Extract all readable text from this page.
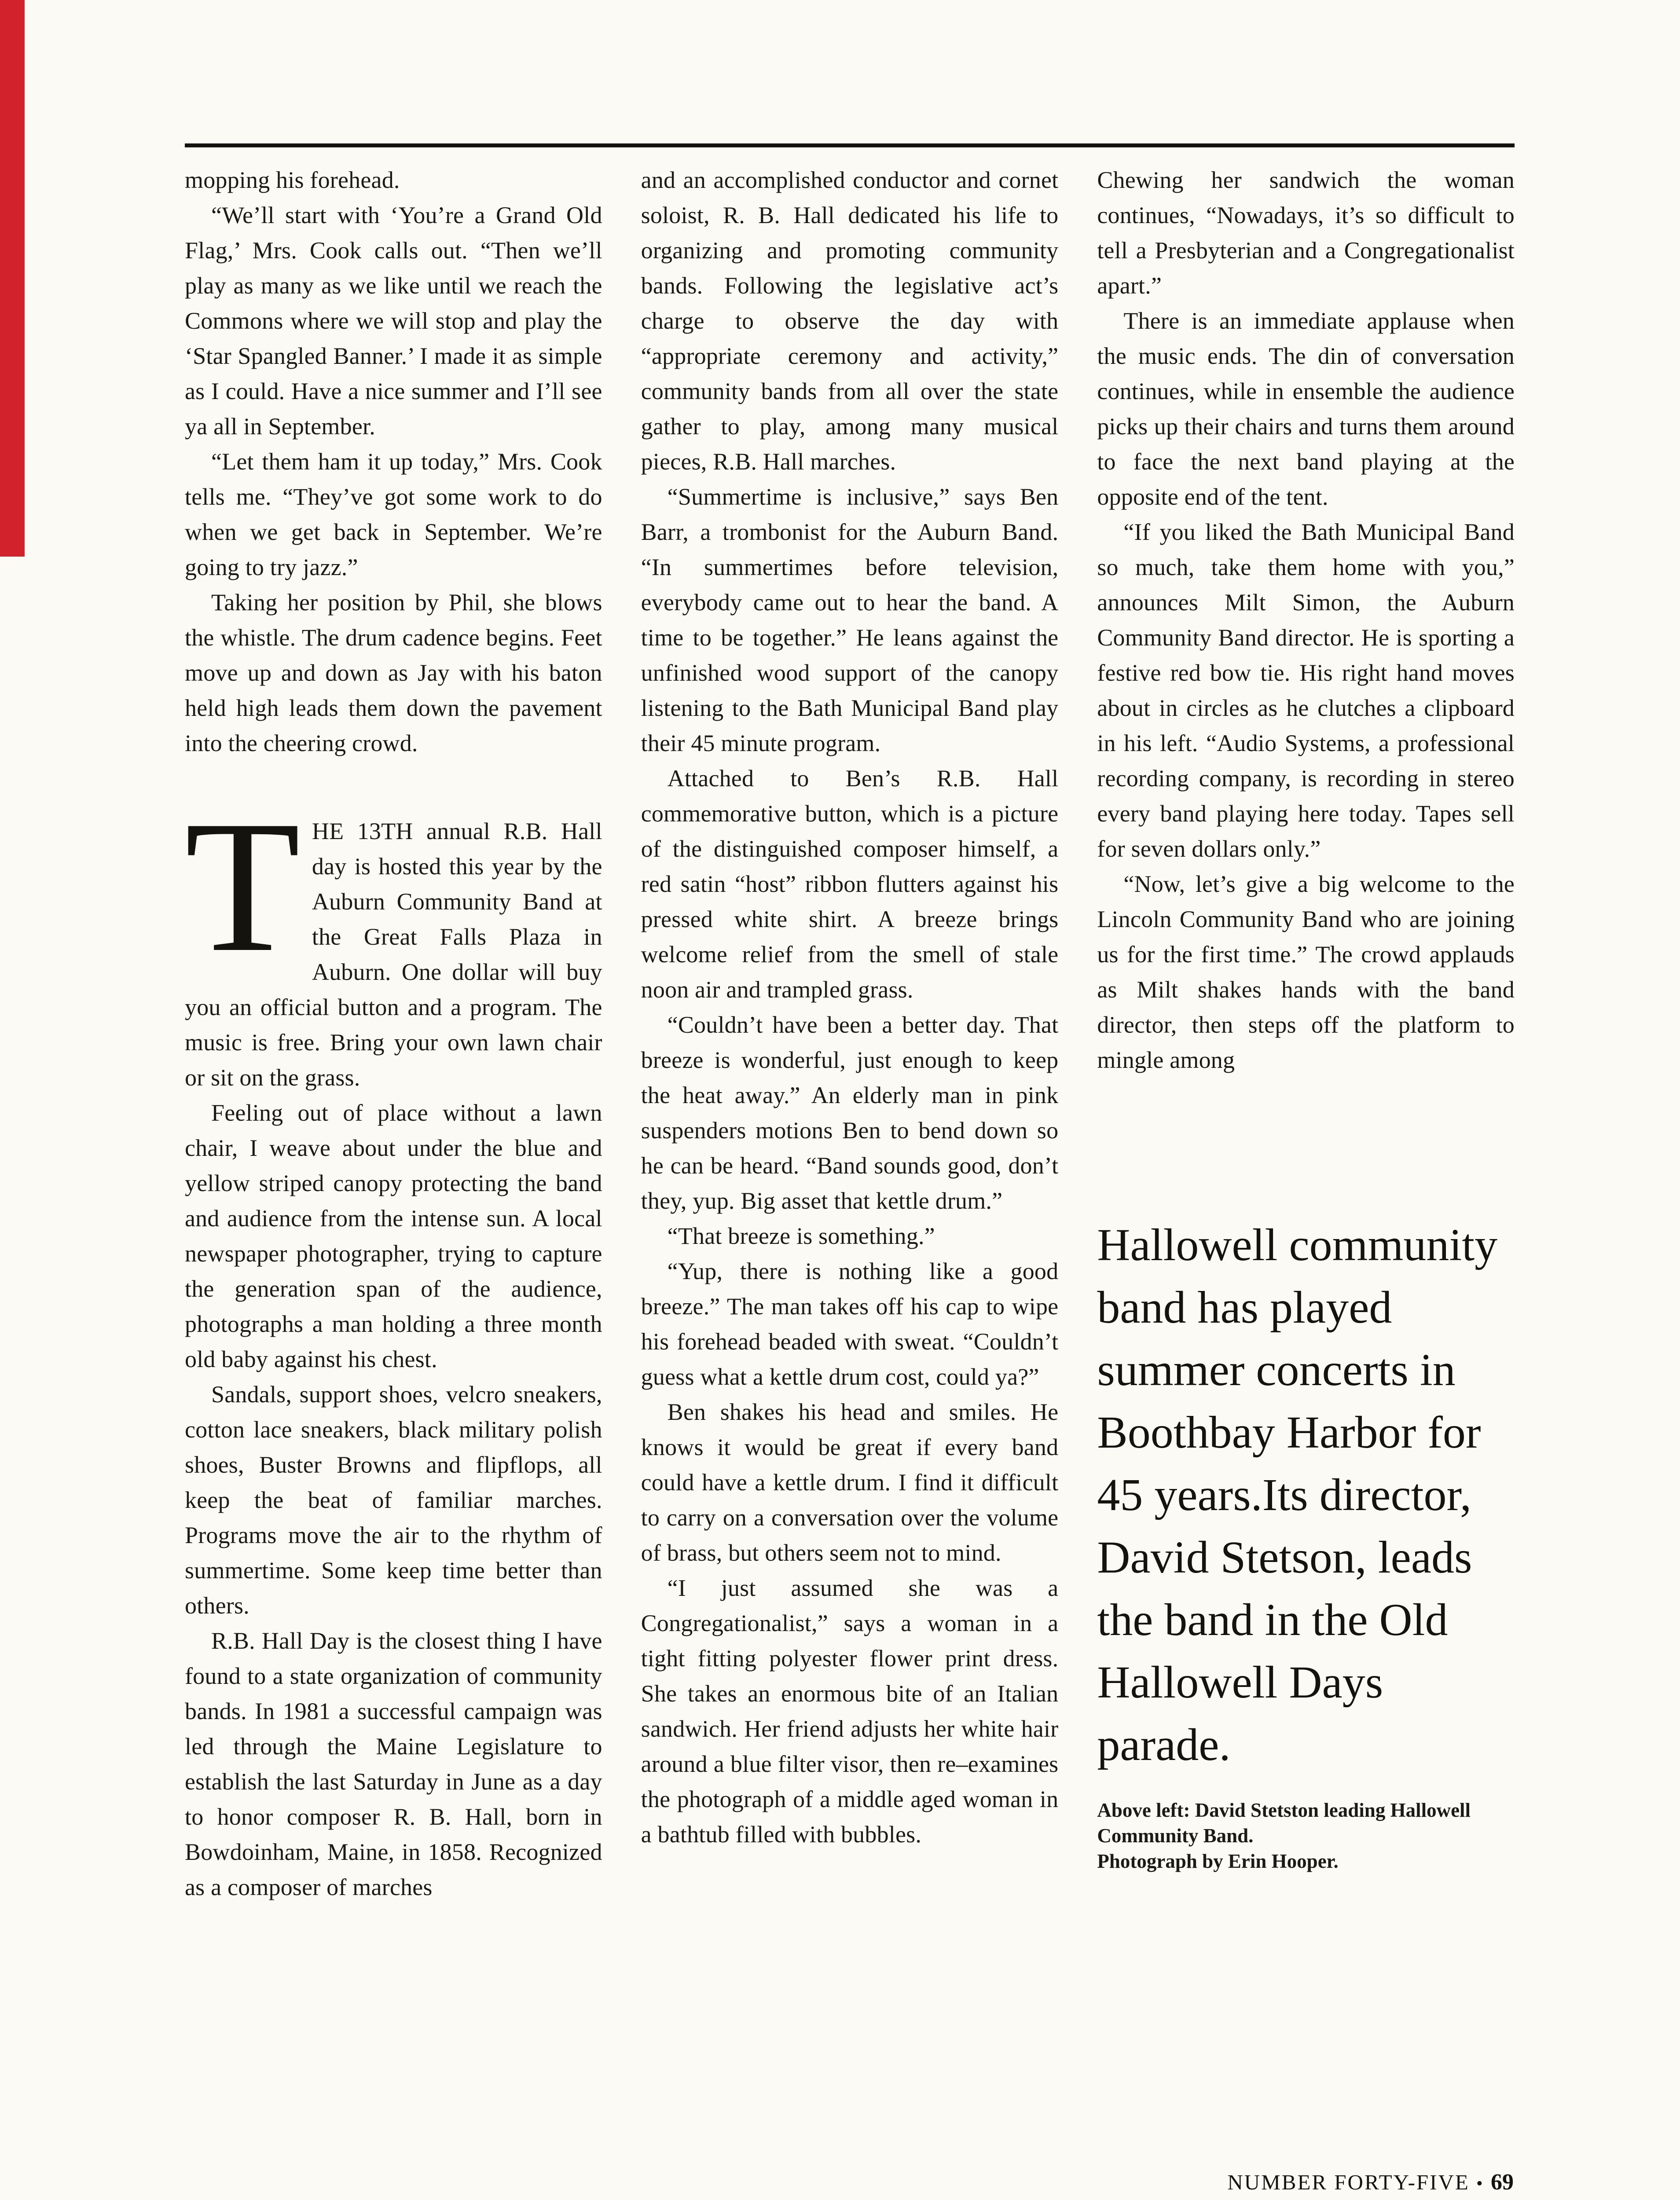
mopping his forehead.

“We’ll start with ‘You’re a Grand Old Flag,’ Mrs. Cook calls out. “Then we’ll play as many as we like until we reach the Commons where we will stop and play the ‘Star Spangled Banner.’ I made it as simple as I could. Have a nice summer and I’ll see ya all in September.

“Let them ham it up today,” Mrs. Cook tells me. “They’ve got some work to do when we get back in September. We’re going to try jazz.”

Taking her position by Phil, she blows the whistle. The drum cadence begins. Feet move up and down as Jay with his baton held high leads them down the pavement into the cheering crowd.

THE 13TH annual R.B. Hall day is hosted this year by the Auburn Community Band at the Great Falls Plaza in Auburn. One dollar will buy you an official button and a program. The music is free. Bring your own lawn chair or sit on the grass.

Feeling out of place without a lawn chair, I weave about under the blue and yellow striped canopy protecting the band and audience from the intense sun. A local newspaper photographer, trying to capture the generation span of the audience, photographs a man holding a three month old baby against his chest.

Sandals, support shoes, velcro sneakers, cotton lace sneakers, black military polish shoes, Buster Browns and flipflops, all keep the beat of familiar marches. Programs move the air to the rhythm of summertime. Some keep time better than others.

R.B. Hall Day is the closest thing I have found to a state organization of community bands. In 1981 a successful campaign was led through the Maine Legislature to establish the last Saturday in June as a day to honor composer R. B. Hall, born in Bowdoinham, Maine, in 1858. Recognized as a composer of marches

and an accomplished conductor and cornet soloist, R. B. Hall dedicated his life to organizing and promoting community bands. Following the legislative act’s charge to observe the day with “appropriate ceremony and activity,” community bands from all over the state gather to play, among many musical pieces, R.B. Hall marches.

“Summertime is inclusive,” says Ben Barr, a trombonist for the Auburn Band. “In summertimes before television, everybody came out to hear the band. A time to be together.” He leans against the unfinished wood support of the canopy listening to the Bath Municipal Band play their 45 minute program.

Attached to Ben’s R.B. Hall commemorative button, which is a picture of the distinguished composer himself, a red satin “host” ribbon flutters against his pressed white shirt. A breeze brings welcome relief from the smell of stale noon air and trampled grass.

“Couldn’t have been a better day. That breeze is wonderful, just enough to keep the heat away.” An elderly man in pink suspenders motions Ben to bend down so he can be heard. “Band sounds good, don’t they, yup. Big asset that kettle drum.”

“That breeze is something.”

“Yup, there is nothing like a good breeze.” The man takes off his cap to wipe his forehead beaded with sweat. “Couldn’t guess what a kettle drum cost, could ya?”

Ben shakes his head and smiles. He knows it would be great if every band could have a kettle drum. I find it difficult to carry on a conversation over the volume of brass, but others seem not to mind.

“I just assumed she was a Congregationalist,” says a woman in a tight fitting polyester flower print dress. She takes an enormous bite of an Italian sandwich. Her friend adjusts her white hair around a blue filter visor, then re–examines the photograph of a middle aged woman in a bathtub filled with bubbles.

Chewing her sandwich the woman continues, “Nowadays, it’s so difficult to tell a Presbyterian and a Congregationalist apart.”

There is an immediate applause when the music ends. The din of conversation continues, while in ensemble the audience picks up their chairs and turns them around to face the next band playing at the opposite end of the tent.

“If you liked the Bath Municipal Band so much, take them home with you,” announces Milt Simon, the Auburn Community Band director. He is sporting a festive red bow tie. His right hand moves about in circles as he clutches a clipboard in his left. “Audio Systems, a professional recording company, is recording in stereo every band playing here today. Tapes sell for seven dollars only.”

“Now, let’s give a big welcome to the Lincoln Community Band who are joining us for the first time.” The crowd applauds as Milt shakes hands with the band director, then steps off the platform to mingle among

Hallowell community band has played summer concerts in Boothbay Harbor for 45 years.Its director, David Stetson, leads the band in the Old Hallowell Days parade.

Above left: David Stetston leading Hallowell Community Band.

Photograph by Erin Hooper.

NUMBER FORTY-FIVE • 69
